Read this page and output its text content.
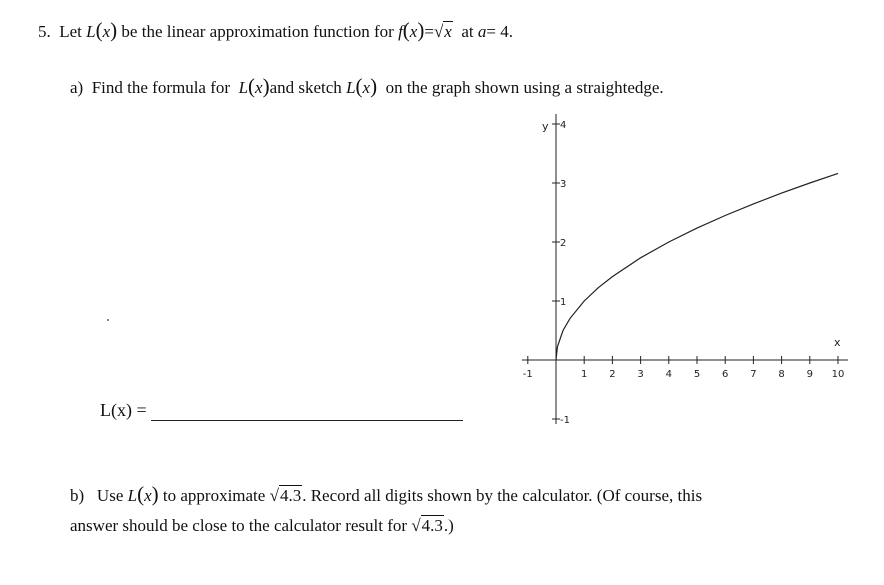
5. Let L(x) be the linear approximation function for f(x)=√x at a= 4.
a) Find the formula for L(x)and sketch L(x) on the graph shown using a straightedge.
L(x) =
x
y
-1	1 2 3 4 5 6 7 8 9 10
4
3
2
1
-1
b) Use L(x) to approximate √4.3. Record all digits shown by the calculator. (Of course, this
answer should be close to the calculator result for √4.3.)
